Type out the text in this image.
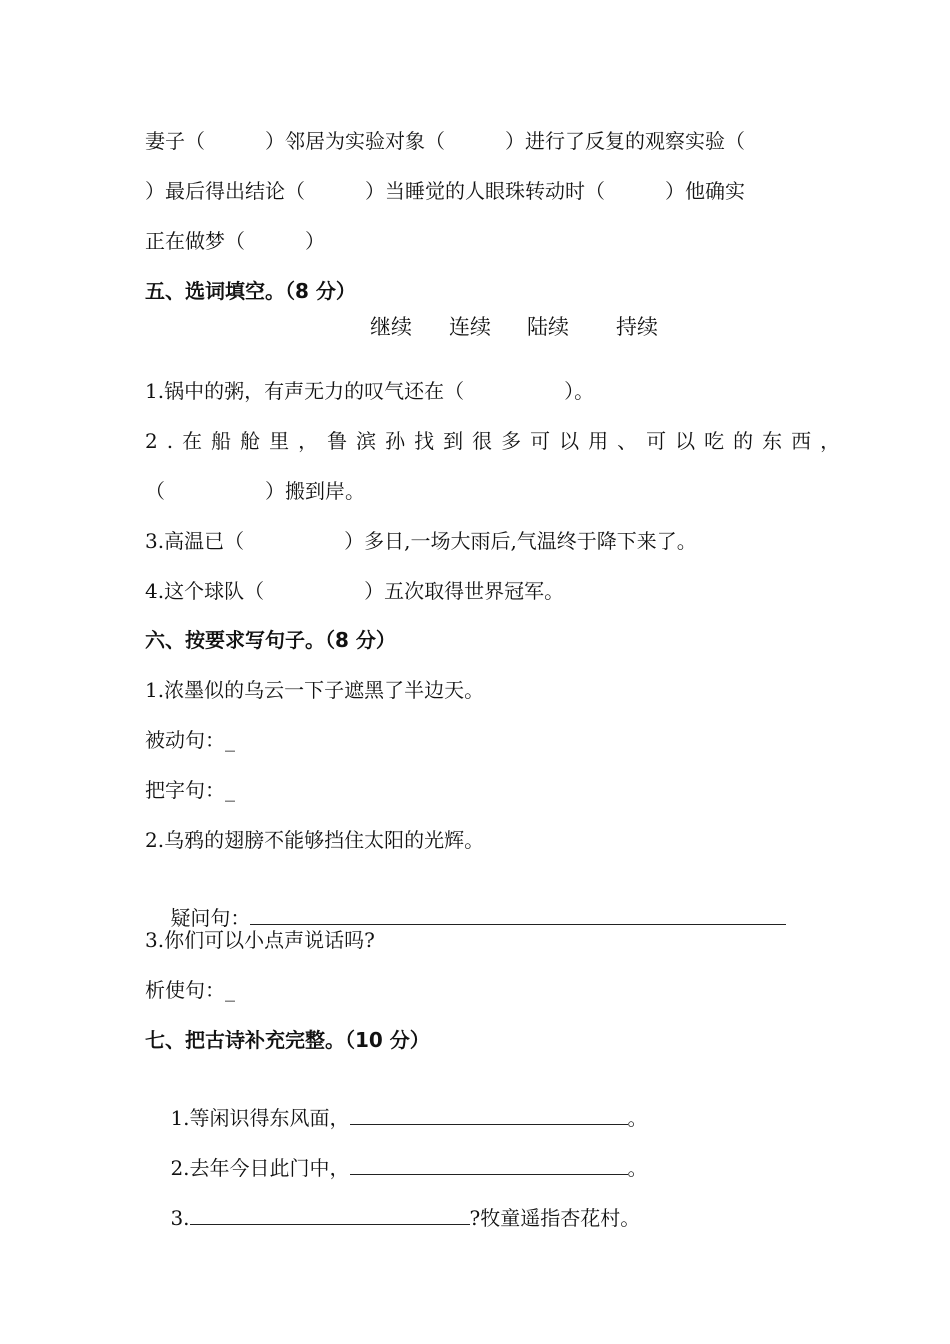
妻子（　　　）邻居为实验对象（　　　）进行了反复的观察实验（
）最后得出结论（　　　）当睡觉的人眼珠转动时（　　　）他确实
正在做梦（　　　）
五、选词填空。（8 分）
继续 连续 陆续 持续
1.锅中的粥，有声无力的叹气还在（　　　　　）。
2.在船舱里，鲁滨孙找到很多可以用、可以吃的东西，
（　　　　　）搬到岸。
3.高温已（　　　　　）多日,一场大雨后,气温终于降下来了。
4.这个球队（　　　　　）五次取得世界冠军。
六、按要求写句子。（8 分）
1.浓墨似的乌云一下子遮黑了半边天。
被动句：_
把字句：_
2.乌鸦的翅膀不能够挡住太阳的光辉。

疑问句：

3.你们可以小点声说话吗?
析使句：_
七、把古诗补充完整。（10 分）

1.等闲识得东风面，	。

2.去年今日此门中，	。

3.	?牧童遥指杏花村。
